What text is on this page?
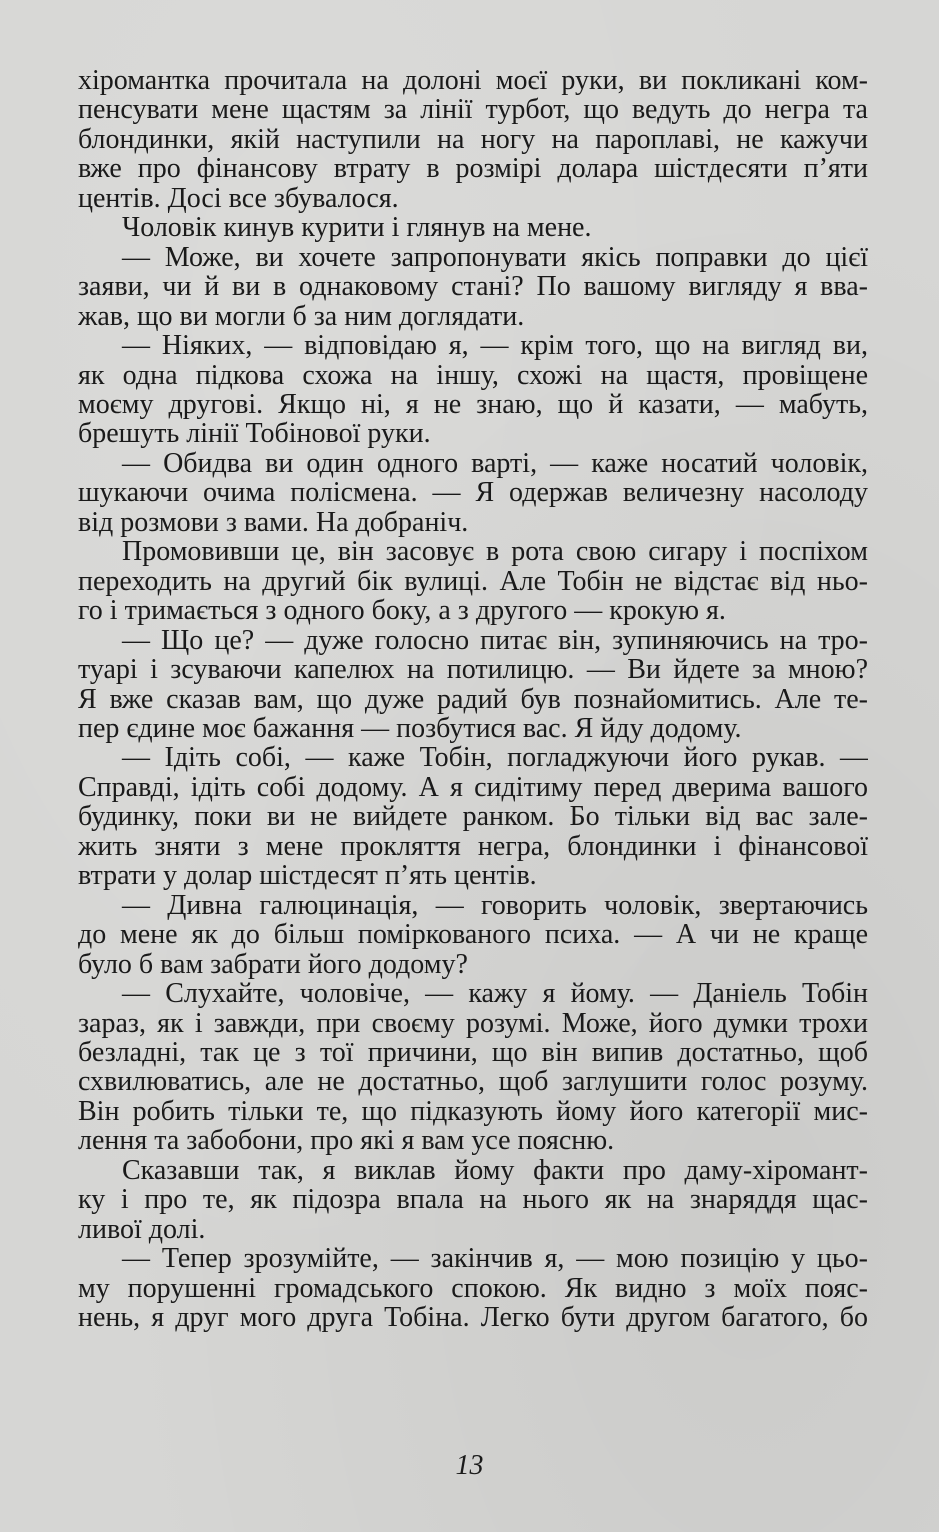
хіромантка прочитала на долоні моєї руки, ви покликані ком-
пенсувати мене щастям за лінії турбот, що ведуть до негра та
блондинки, якій наступили на ногу на пароплаві, не кажучи
вже про фінансову втрату в розмірі долара шістдесяти п’яти
центів. Досі все збувалося.
Чоловік кинув курити і глянув на мене.
— Може, ви хочете запропонувати якісь поправки до цієї
заяви, чи й ви в однаковому стані? По вашому вигляду я вва-
жав, що ви могли б за ним доглядати.
— Ніяких, — відповідаю я, — крім того, що на вигляд ви,
як одна підкова схожа на іншу, схожі на щастя, провіщене
моєму другові. Якщо ні, я не знаю, що й казати, — мабуть,
брешуть лінії Тобінової руки.
— Обидва ви один одного варті, — каже носатий чоловік,
шукаючи очима полісмена. — Я одержав величезну насолоду
від розмови з вами. На добраніч.
Промовивши це, він засовує в рота свою сигару і поспіхом
переходить на другий бік вулиці. Але Тобін не відстає від ньо-
го і тримається з одного боку, а з другого — крокую я.
— Що це? — дуже голосно питає він, зупиняючись на тро-
туарі і зсуваючи капелюх на потилицю. — Ви йдете за мною?
Я вже сказав вам, що дуже радий був познайомитись. Але те-
пер єдине моє бажання — позбутися вас. Я йду додому.
— Ідіть собі, — каже Тобін, погладжуючи його рукав. —
Справді, ідіть собі додому. А я сидітиму перед дверима вашого
будинку, поки ви не вийдете ранком. Бо тільки від вас зале-
жить зняти з мене прокляття негра, блондинки і фінансової
втрати у долар шістдесят п’ять центів.
— Дивна галюцинація, — говорить чоловік, звертаючись
до мене як до більш поміркованого психа. — А чи не краще
було б вам забрати його додому?
— Слухайте, чоловіче, — кажу я йому. — Даніель Тобін
зараз, як і завжди, при своєму розумі. Може, його думки трохи
безладні, так це з тої причини, що він випив достатньо, щоб
схвилюватись, але не достатньо, щоб заглушити голос розуму.
Він робить тільки те, що підказують йому його категорії мис-
лення та забобони, про які я вам усе поясню.
Сказавши так, я виклав йому факти про даму-хіромант-
ку і про те, як підозра впала на нього як на знаряддя щас-
ливої долі.
— Тепер зрозумійте, — закінчив я, — мою позицію у цьо-
му порушенні громадського спокою. Як видно з моїх пояс-
нень, я друг мого друга Тобіна. Легко бути другом багатого, бо
13
